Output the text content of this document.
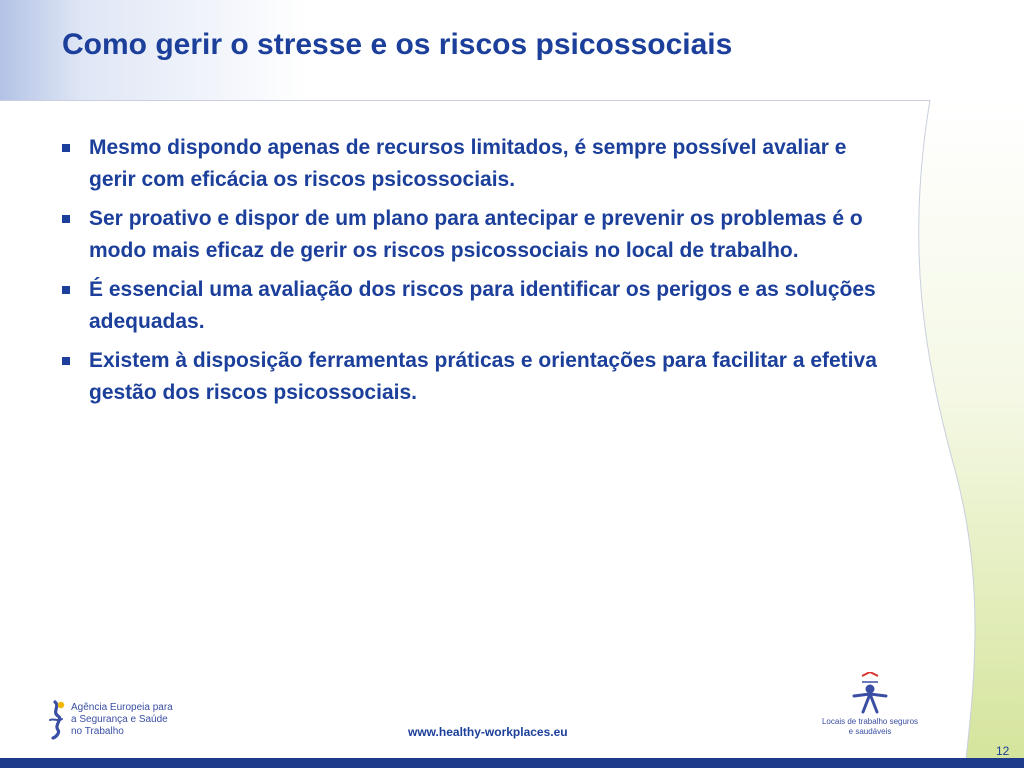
Como gerir o stresse e os riscos psicossociais
Mesmo dispondo apenas de recursos limitados, é sempre possível avaliar e gerir com eficácia os riscos psicossociais.
Ser proativo e dispor de um plano para antecipar e prevenir os problemas é o modo mais eficaz de gerir os riscos psicossociais no local de trabalho.
É essencial uma avaliação dos riscos para identificar os perigos e as soluções adequadas.
Existem à disposição ferramentas práticas e orientações para facilitar a efetiva gestão dos riscos psicossociais.
Agência Europeia para
a Segurança e Saúde
no Trabalho	www.healthy-workplaces.eu
Locais de trabalho seguros
e saudáveis
12
